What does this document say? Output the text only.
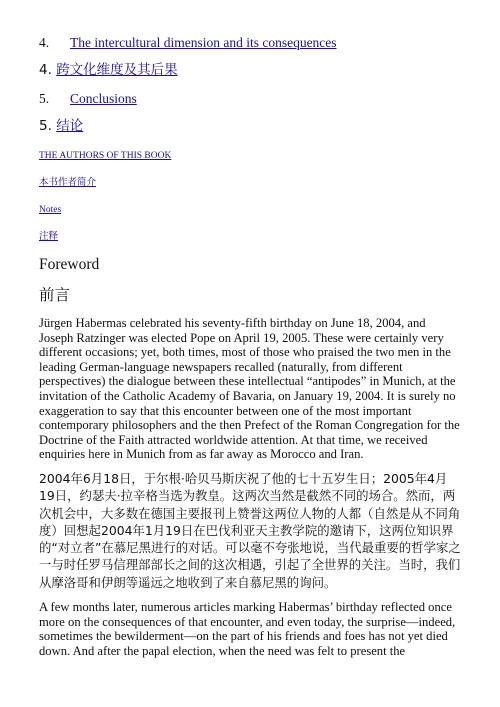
4. The intercultural dimension and its consequences
4. 跨文化维度及其后果
5. Conclusions
5. 结论
THE AUTHORS OF THIS BOOK
本书作者简介
Notes
注释
Foreword
前言

Jürgen Habermas celebrated his seventy-fifth birthday on June 18, 2004, and Joseph Ratzinger was elected Pope on April 19, 2005. These were certainly very different occasions; yet, both times, most of those who praised the two men in the leading German-language newspapers recalled (naturally, from different perspectives) the dialogue between these intellectual “antipodes” in Munich, at the invitation of the Catholic Academy of Bavaria, on January 19, 2004. It is surely no exaggeration to say that this encounter between one of the most important contemporary philosophers and the then Prefect of the Roman Congregation for the Doctrine of the Faith attracted worldwide attention. At that time, we received enquiries here in Munich from as far away as Morocco and Iran.

2004年6月18日，于尔根·哈贝马斯庆祝了他的七十五岁生日；2005年4月19日，约瑟夫·拉辛格当选为教皇。这两次当然是截然不同的场合。然而，两次机会中，大多数在德国主要报刊上赞誉这两位人物的人都（自然是从不同角度）回想起2004年1月19日在巴伐利亚天主教学院的邀请下，这两位知识界的“对立者”在慕尼黑进行的对话。可以毫不夸张地说，当代最重要的哲学家之一与时任罗马信理部部长之间的这次相遇，引起了全世界的关注。当时，我们从摩洛哥和伊朗等遥远之地收到了来自慕尼黑的询问。

A few months later, numerous articles marking Habermas’ birthday reflected once more on the consequences of that encounter, and even today, the surprise—indeed, sometimes the bewilderment—on the part of his friends and foes has not yet died down. And after the papal election, when the need was felt to present the
